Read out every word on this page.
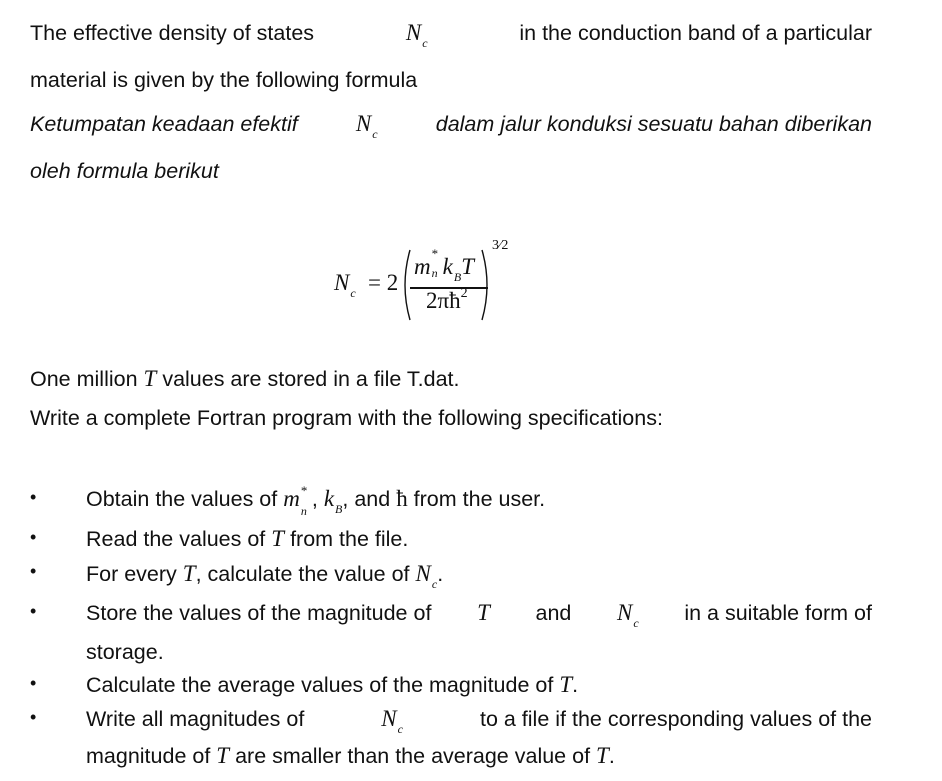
The effective density of states	$N_c$	in the conduction band of a particular
material is given by the following formula
Ketumpatan keadaan efektif	$N_c$	dalam jalur konduksi sesuatu bahan diberikan
oleh formula berikut
$N_c = 2$
m
*
n $k_BT$
$2\pi ħ^2$
3⁄2
One million T values are stored in a file T.dat.
Write a complete Fortran program with the following specifications:
• Obtain the values of m *
n , $k_B$, and ħ from the user.
• Read the values of T from the file.
• For every T, calculate the value of $N_c$.
• Store the values of the magnitude of T and $N_c$ in a suitable form of
storage.
• Calculate the average values of the magnitude of T.
• Write all magnitudes of	$N_c$	to a file if the corresponding values of the
magnitude of T are smaller than the average value of T.
